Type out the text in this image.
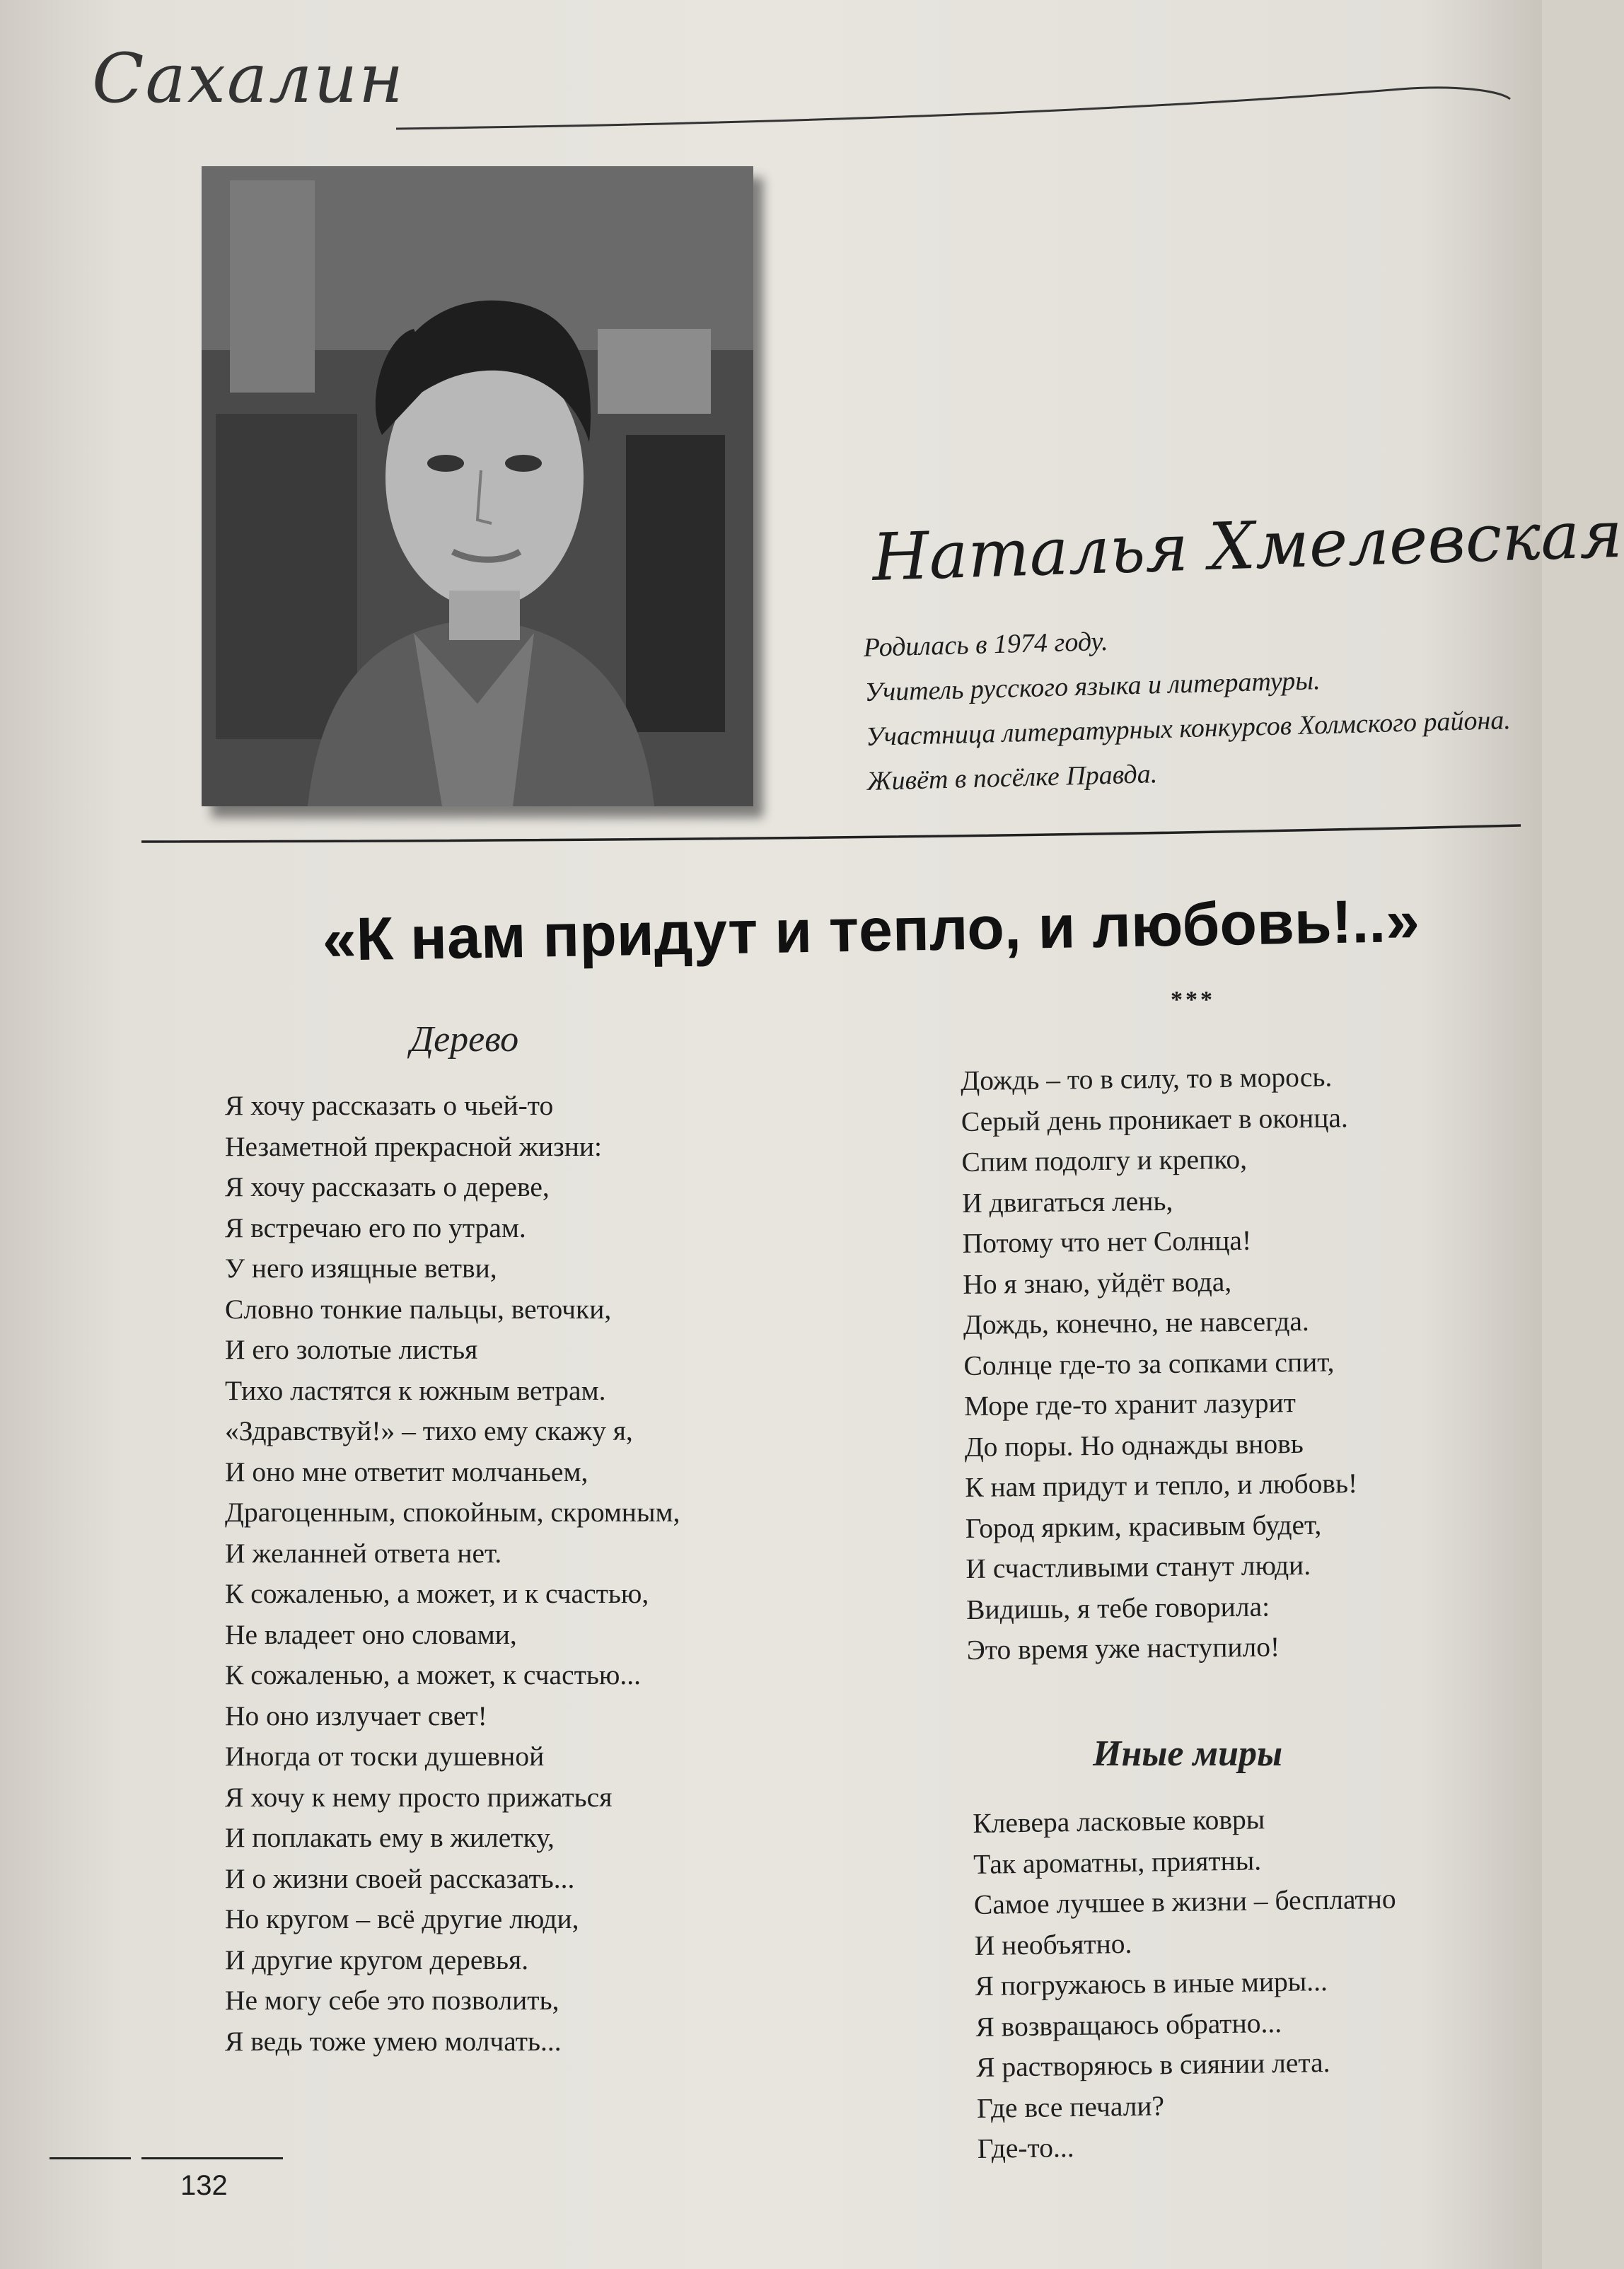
Сахалин
Наталья Хмелевская
Родилась в 1974 году.
Учитель русского языка и литературы.
Участница литературных конкурсов Холмского района.
Живёт в посёлке Правда.
«К нам придут и тепло, и любовь!..»
Дерево
Я хочу рассказать о чьей-то
Незаметной прекрасной жизни:
Я хочу рассказать о дереве,
Я встречаю его по утрам.
У него изящные ветви,
Словно тонкие пальцы, веточки,
И его золотые листья
Тихо ластятся к южным ветрам.
«Здравствуй!» – тихо ему скажу я,
И оно мне ответит молчаньем,
Драгоценным, спокойным, скромным,
И желанней ответа нет.
К сожаленью, а может, и к счастью,
Не владеет оно словами,
К сожаленью, а может, к счастью...
Но оно излучает свет!
Иногда от тоски душевной
Я хочу к нему просто прижаться
И поплакать ему в жилетку,
И о жизни своей рассказать...
Но кругом – всё другие люди,
И другие кругом деревья.
Не могу себе это позволить,
Я ведь тоже умею молчать...
***
Дождь – то в силу, то в морось.
Серый день проникает в оконца.
Спим подолгу и крепко,
И двигаться лень,
Потому что нет Солнца!
Но я знаю, уйдёт вода,
Дождь, конечно, не навсегда.
Солнце где-то за сопками спит,
Море где-то хранит лазурит
До поры. Но однажды вновь
К нам придут и тепло, и любовь!
Город ярким, красивым будет,
И счастливыми станут люди.
Видишь, я тебе говорила:
Это время уже наступило!
Иные миры
Клевера ласковые ковры
Так ароматны, приятны.
Самое лучшее в жизни – бесплатно
И необъятно.
Я погружаюсь в иные миры...
Я возвращаюсь обратно...
Я растворяюсь в сиянии лета.
Где все печали?
Где-то...
132
